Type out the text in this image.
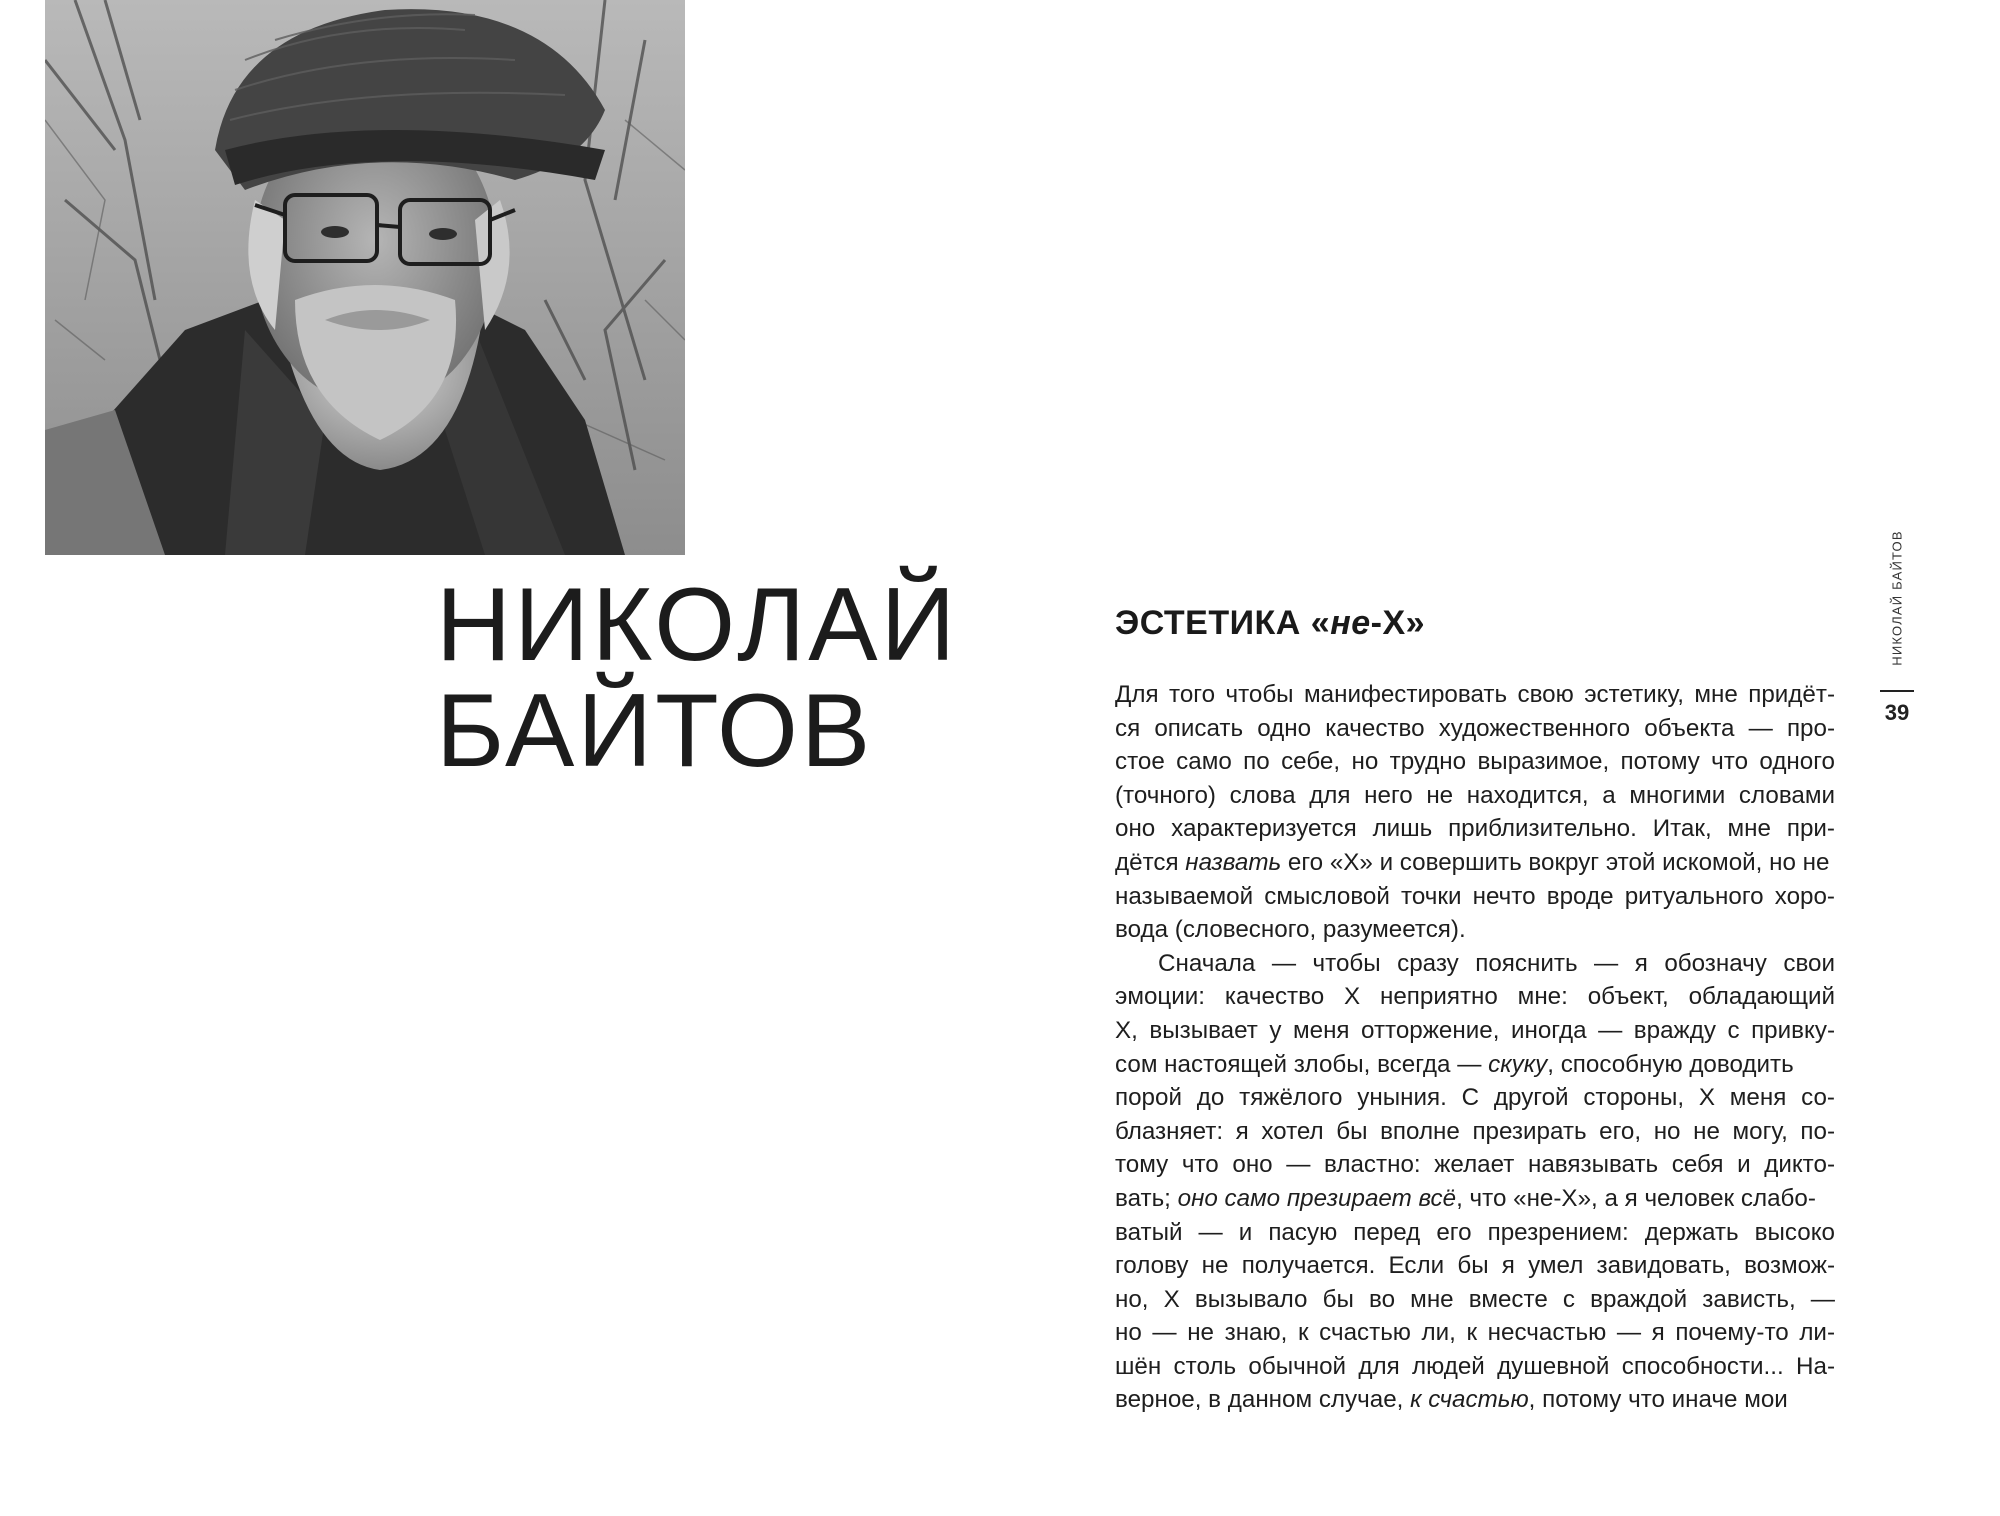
НИКОЛАЙ
БАЙТОВ
ЭСТЕТИКА «не-Х»
Для того чтобы манифестировать свою эстетику, мне придёт-
ся описать одно качество художественного объекта — про-
стое само по себе, но трудно выразимое, потому что одного
(точного) слова для него не находится, а многими словами
оно характеризуется лишь приблизительно. Итак, мне при-
дётся назвать его «Х» и совершить вокруг этой искомой, но не
называемой смысловой точки нечто вроде ритуального хоро-
вода (словесного, разумеется).
Сначала — чтобы сразу пояснить — я обозначу свои
эмоции: качество Х неприятно мне: объект, обладающий
Х, вызывает у меня отторжение, иногда — вражду с привку-
сом настоящей злобы, всегда — скуку, способную доводить
порой до тяжёлого уныния. С другой стороны, Х меня со-
блазняет: я хотел бы вполне презирать его, но не могу, по-
тому что оно — властно: желает навязывать себя и дикто-
вать; оно само презирает всё, что «не-Х», а я человек слабо-
ватый — и пасую перед его презрением: держать высоко
голову не получается. Если бы я умел завидовать, возмож-
но, Х вызывало бы во мне вместе с враждой зависть, —
но — не знаю, к счастью ли, к несчастью — я почему-то ли-
шён столь обычной для людей душевной способности... На-
верное, в данном случае, к счастью, потому что иначе мои
НИКОЛАЙ БАЙТОВ
39
